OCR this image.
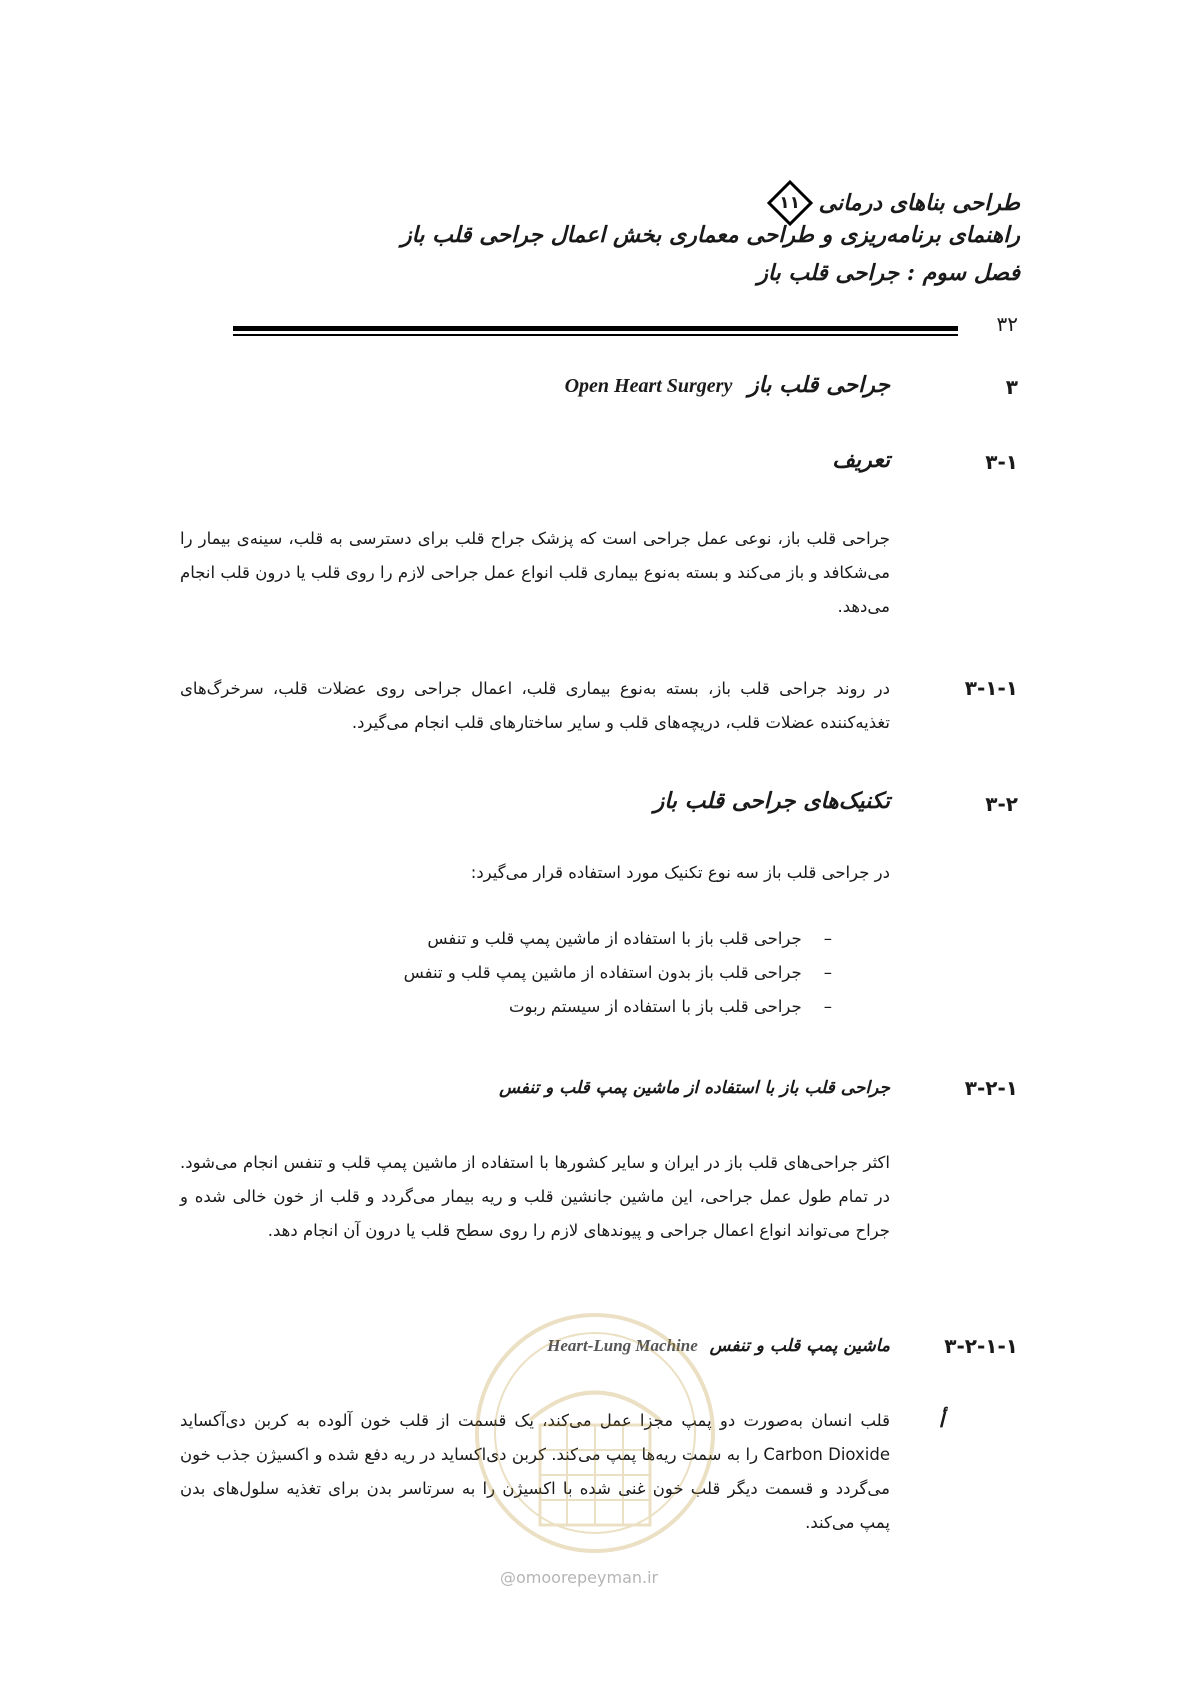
طراحی بناهای درمانی
۱۱
راهنمای برنامه‌ریزی و طراحی معماری بخش اعمال جراحی قلب باز
فصل سوم : جراحی قلب باز
۳۲
۳
جراحی قلب باز Open Heart Surgery
۳-۱
تعریف
جراحی قلب باز، نوعی عمل جراحی است که پزشک جراح قلب برای دسترسی به قلب، سینه‌ی بیمار را می‌شکافد و باز می‌کند و بسته به‌نوع بیماری قلب انواع عمل جراحی لازم را روی قلب یا درون قلب انجام می‌دهد.
۳-۱-۱
در روند جراحی قلب باز، بسته به‌نوع بیماری قلب، اعمال جراحی روی عضلات قلب، سرخرگ‌های تغذیه‌کننده عضلات قلب، دریچه‌های قلب و سایر ساختارهای قلب انجام می‌گیرد.
۳-۲
تکنیک‌های جراحی قلب باز
در جراحی قلب باز سه نوع تکنیک مورد استفاده قرار می‌گیرد:
–
جراحی قلب باز با استفاده از ماشین پمپ قلب و تنفس
–
جراحی قلب باز بدون استفاده از ماشین پمپ قلب و تنفس
–
جراحی قلب باز با استفاده از سیستم ربوت
۳-۲-۱
جراحی قلب باز با استفاده از ماشین پمپ قلب و تنفس
اکثر جراحی‌های قلب باز در ایران و سایر کشورها با استفاده از ماشین پمپ قلب و تنفس انجام می‌شود. در تمام طول عمل جراحی، این ماشین جانشین قلب و ریه بیمار می‌گردد و قلب از خون خالی شده و جراح می‌تواند انواع اعمال جراحی و پیوندهای لازم را روی سطح قلب یا درون آن انجام دهد.
۳-۲-۱-۱
ماشین پمپ قلب و تنفس Heart-Lung Machine
أ
قلب انسان به‌صورت دو پمپ مجزا عمل می‌کند، یک قسمت از قلب خون آلوده به کربن دی‌آکساید Carbon Dioxide را به سمت ریه‌ها پمپ می‌کند. کربن دی‌اکساید در ریه دفع شده و اکسیژن جذب خون می‌گردد و قسمت دیگر قلب خون غنی شده با اکسیژن را به سرتاسر بدن برای تغذیه سلول‌های بدن پمپ می‌کند.
@omoorepeyman.ir
